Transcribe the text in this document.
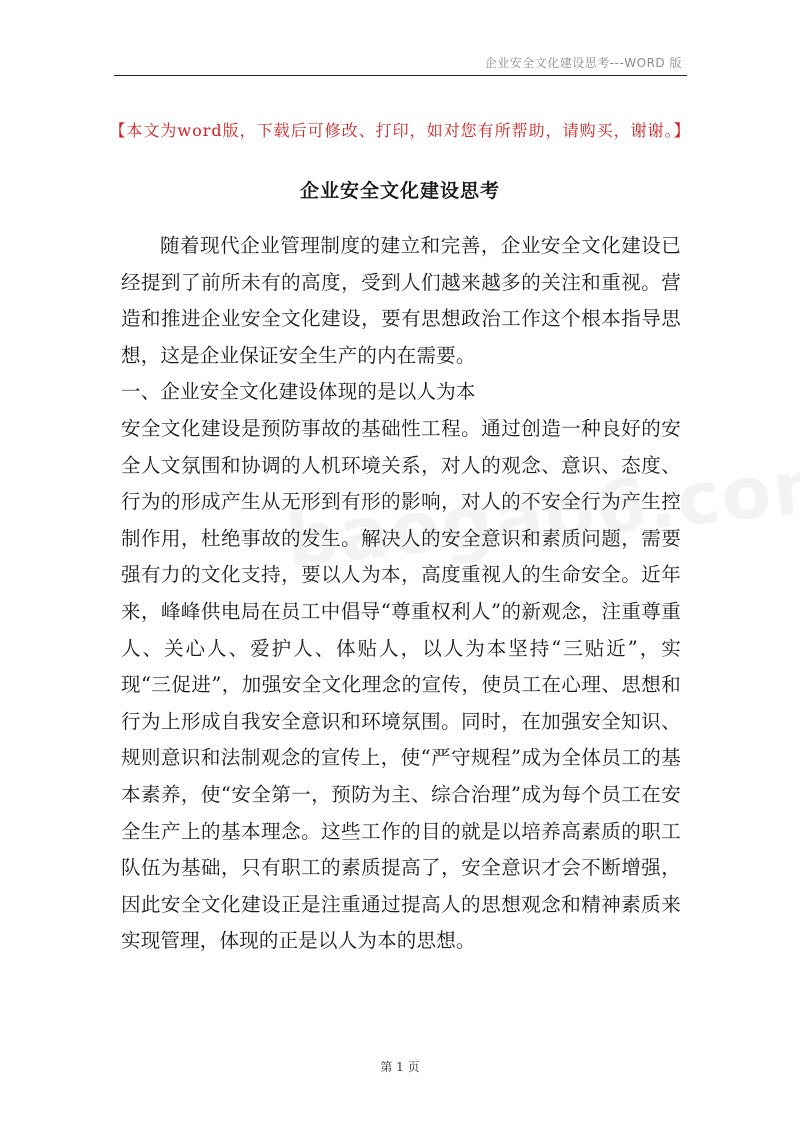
企业安全文化建设思考---WORD 版
【本文为word版，下载后可修改、打印，如对您有所帮助，请购买，谢谢。】
企业安全文化建设思考

随着现代企业管理制度的建立和完善，企业安全文化建设已经提到了前所未有的高度，受到人们越来越多的关注和重视。营造和推进企业安全文化建设，要有思想政治工作这个根本指导思想，这是企业保证安全生产的内在需要。

一、企业安全文化建设体现的是以人为本

安全文化建设是预防事故的基础性工程。通过创造一种良好的安全人文氛围和协调的人机环境关系，对人的观念、意识、态度、行为的形成产生从无形到有形的影响，对人的不安全行为产生控制作用，杜绝事故的发生。解决人的安全意识和素质问题，需要强有力的文化支持，要以人为本，高度重视人的生命安全。近年来，峰峰供电局在员工中倡导“尊重权利人”的新观念，注重尊重人、关心人、爱护人、体贴人，以人为本坚持“三贴近”，实现“三促进”，加强安全文化理念的宣传，使员工在心理、思想和行为上形成自我安全意识和环境氛围。同时，在加强安全知识、规则意识和法制观念的宣传上，使“严守规程”成为全体员工的基本素养，使“安全第一，预防为主、综合治理”成为每个员工在安全生产上的基本理念。这些工作的目的就是以培养高素质的职工队伍为基础，只有职工的素质提高了，安全意识才会不断增强，因此安全文化建设正是注重通过提高人的思想观念和精神素质来实现管理，体现的正是以人为本的思想。

第 1 页
